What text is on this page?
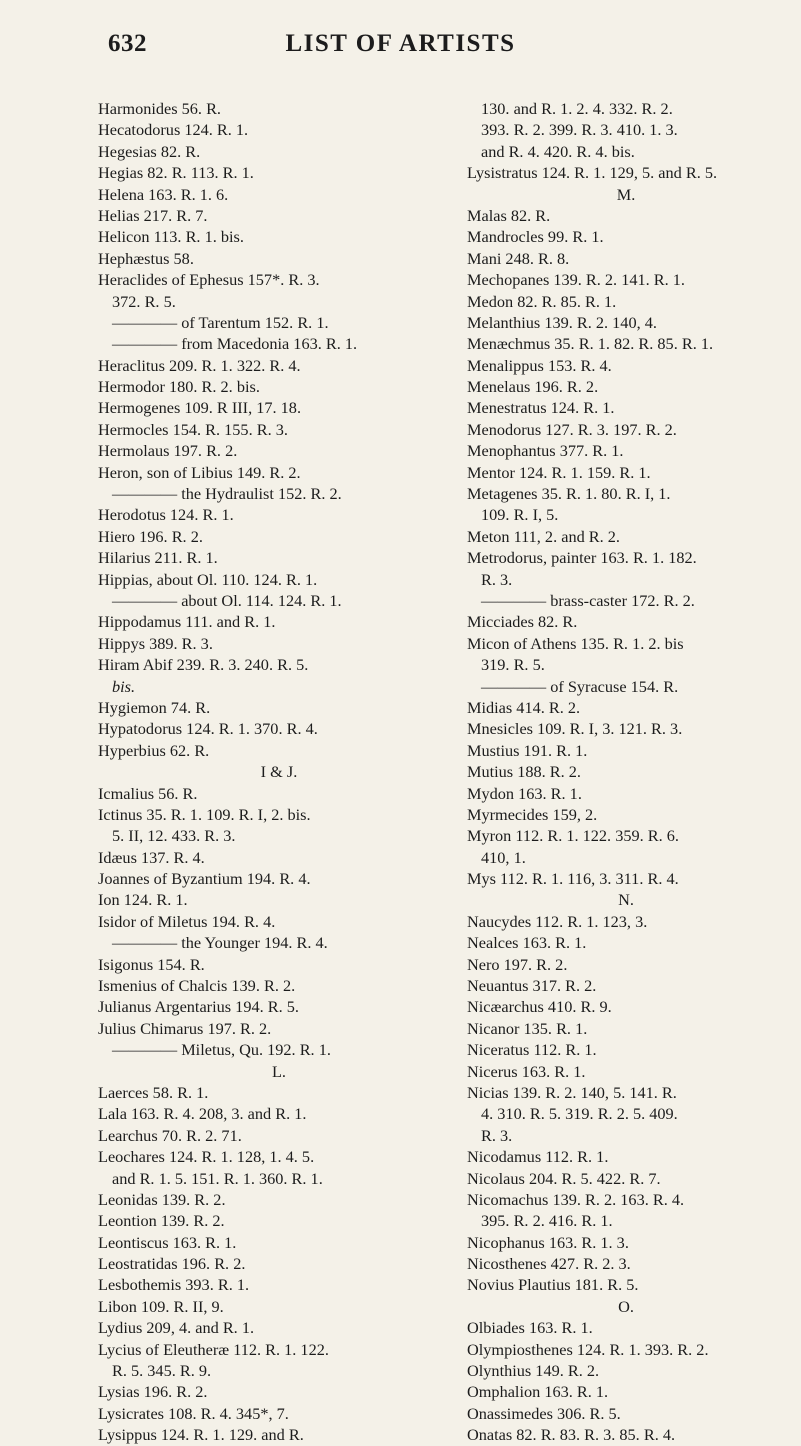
632	LIST OF ARTISTS
Harmonides 56. R.
Hecatodorus 124. R. 1.
Hegesias 82. R.
Hegias 82. R. 113. R. 1.
Helena 163. R. 1. 6.
Helias 217. R. 7.
Helicon 113. R. 1. bis.
Hephæstus 58.
Heraclides of Ephesus 157*. R. 3.
372. R. 5.
———— of Tarentum 152. R. 1.
———— from Macedonia 163. R. 1.
Heraclitus 209. R. 1. 322. R. 4.
Hermodor 180. R. 2. bis.
Hermogenes 109. R III, 17. 18.
Hermocles 154. R. 155. R. 3.
Hermolaus 197. R. 2.
Heron, son of Libius 149. R. 2.
———— the Hydraulist 152. R. 2.
Herodotus 124. R. 1.
Hiero 196. R. 2.
Hilarius 211. R. 1.
Hippias, about Ol. 110. 124. R. 1.
———— about Ol. 114. 124. R. 1.
Hippodamus 111. and R. 1.
Hippys 389. R. 3.
Hiram Abif 239. R. 3. 240. R. 5.
bis.
Hygiemon 74. R.
Hypatodorus 124. R. 1. 370. R. 4.
Hyperbius 62. R.
I & J.
Icmalius 56. R.
Ictinus 35. R. 1. 109. R. I, 2. bis.
5. II, 12. 433. R. 3.
Idæus 137. R. 4.
Joannes of Byzantium 194. R. 4.
Ion 124. R. 1.
Isidor of Miletus 194. R. 4.
———— the Younger 194. R. 4.
Isigonus 154. R.
Ismenius of Chalcis 139. R. 2.
Julianus Argentarius 194. R. 5.
Julius Chimarus 197. R. 2.
———— Miletus, Qu. 192. R. 1.
L.
Laerces 58. R. 1.
Lala 163. R. 4. 208, 3. and R. 1.
Learchus 70. R. 2. 71.
Leochares 124. R. 1. 128, 1. 4. 5.
and R. 1. 5. 151. R. 1. 360. R. 1.
Leonidas 139. R. 2.
Leontion 139. R. 2.
Leontiscus 163. R. 1.
Leostratidas 196. R. 2.
Lesbothemis 393. R. 1.
Libon 109. R. II, 9.
Lydius 209, 4. and R. 1.
Lycius of Eleutheræ 112. R. 1. 122.
R. 5. 345. R. 9.
Lysias 196. R. 2.
Lysicrates 108. R. 4. 345*, 7.
Lysippus 124. R. 1. 129. and R.
130. and R. 1. 2. 4. 332. R. 2.
393. R. 2. 399. R. 3. 410. 1. 3.
and R. 4. 420. R. 4. bis.
Lysistratus 124. R. 1. 129, 5. and R. 5.
M.
Malas 82. R.
Mandrocles 99. R. 1.
Mani 248. R. 8.
Mechopanes 139. R. 2. 141. R. 1.
Medon 82. R. 85. R. 1.
Melanthius 139. R. 2. 140, 4.
Menæchmus 35. R. 1. 82. R. 85. R. 1.
Menalippus 153. R. 4.
Menelaus 196. R. 2.
Menestratus 124. R. 1.
Menodorus 127. R. 3. 197. R. 2.
Menophantus 377. R. 1.
Mentor 124. R. 1. 159. R. 1.
Metagenes 35. R. 1. 80. R. I, 1.
109. R. I, 5.
Meton 111, 2. and R. 2.
Metrodorus, painter 163. R. 1. 182.
R. 3.
———— brass-caster 172. R. 2.
Micciades 82. R.
Micon of Athens 135. R. 1. 2. bis
319. R. 5.
———— of Syracuse 154. R.
Midias 414. R. 2.
Mnesicles 109. R. I, 3. 121. R. 3.
Mustius 191. R. 1.
Mutius 188. R. 2.
Mydon 163. R. 1.
Myrmecides 159, 2.
Myron 112. R. 1. 122. 359. R. 6.
410, 1.
Mys 112. R. 1. 116, 3. 311. R. 4.
N.
Naucydes 112. R. 1. 123, 3.
Nealces 163. R. 1.
Nero 197. R. 2.
Neuantus 317. R. 2.
Nicæarchus 410. R. 9.
Nicanor 135. R. 1.
Niceratus 112. R. 1.
Nicerus 163. R. 1.
Nicias 139. R. 2. 140, 5. 141. R.
4. 310. R. 5. 319. R. 2. 5. 409.
R. 3.
Nicodamus 112. R. 1.
Nicolaus 204. R. 5. 422. R. 7.
Nicomachus 139. R. 2. 163. R. 4.
395. R. 2. 416. R. 1.
Nicophanus 163. R. 1. 3.
Nicosthenes 427. R. 2. 3.
Novius Plautius 181. R. 5.
O.
Olbiades 163. R. 1.
Olympiosthenes 124. R. 1. 393. R. 2.
Olynthius 149. R. 2.
Omphalion 163. R. 1.
Onassimedes 306. R. 5.
Onatas 82. R. 83. R. 3. 85. R. 4.
